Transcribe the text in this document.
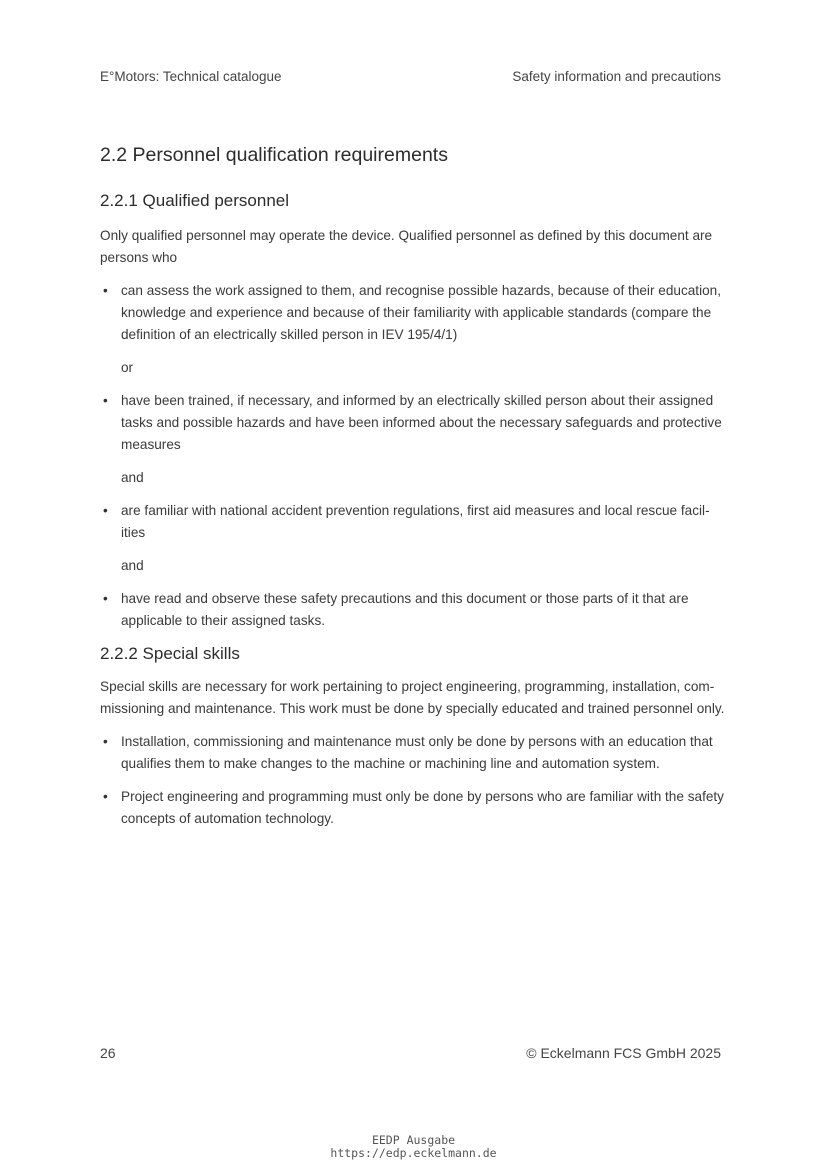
E°Motors: Technical catalogue	Safety information and precautions
2.2 Personnel qualification requirements
2.2.1 Qualified personnel

Only qualified personnel may operate the device. Qualified personnel as defined by this document are persons who

• can assess the work assigned to them, and recognise possible hazards, because of their education, knowledge and experience and because of their familiarity with applicable standards (compare the definition of an electrically skilled person in IEV 195/4/1)
or
• have been trained, if necessary, and informed by an electrically skilled person about their assigned tasks and possible hazards and have been informed about the necessary safeguards and protective measures
and
• are familiar with national accident prevention regulations, first aid measures and local rescue facil-ities
and
• have read and observe these safety precautions and this document or those parts of it that are applicable to their assigned tasks.
2.2.2 Special skills

Special skills are necessary for work pertaining to project engineering, programming, installation, com-missioning and maintenance. This work must be done by specially educated and trained personnel only.

• Installation, commissioning and maintenance must only be done by persons with an education that qualifies them to make changes to the machine or machining line and automation system.
• Project engineering and programming must only be done by persons who are familiar with the safety concepts of automation technology.
26	© Eckelmann FCS GmbH 2025
EEDP Ausgabe
https://edp.eckelmann.de
